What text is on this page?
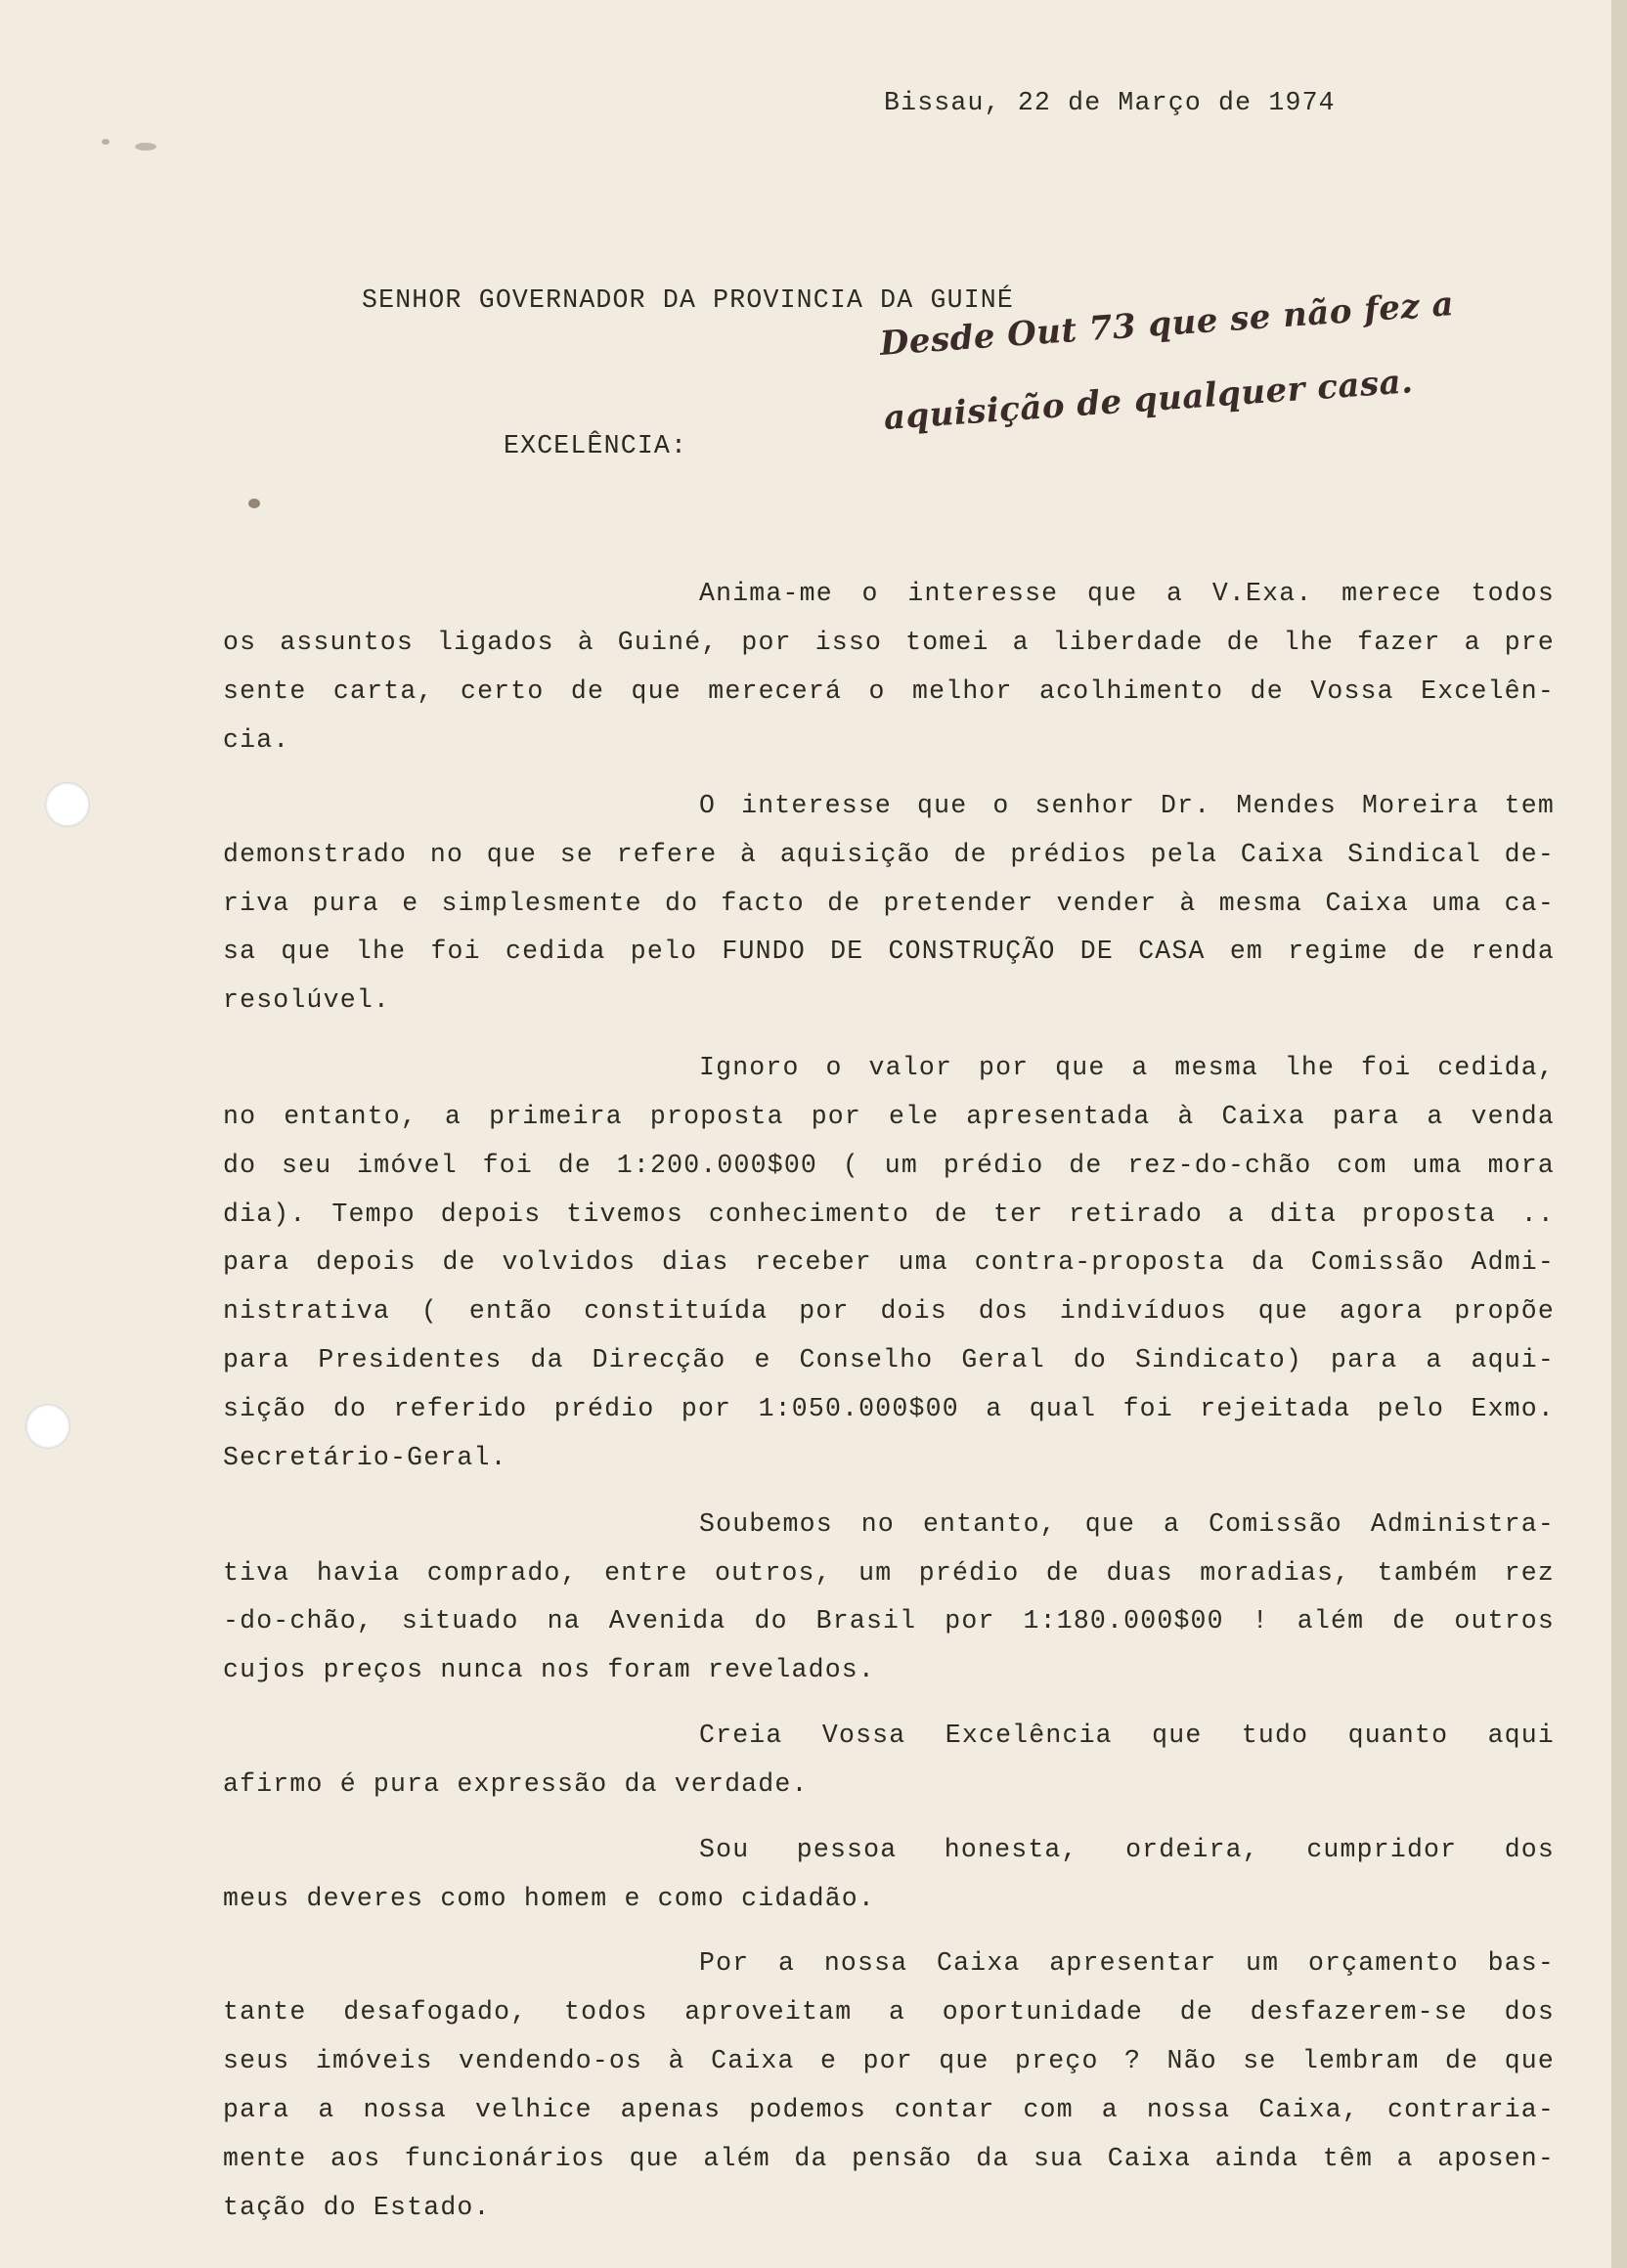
Bissau, 22 de Março de 1974
SENHOR GOVERNADOR DA PROVINCIA DA GUINÉ
Desde Out 73 que se não fez a
aquisição de qualquer casa.
EXCELÊNCIA:
Anima-me o interesse que a V.Exa. merece todos
os assuntos ligados à Guiné, por isso tomei a liberdade de lhe fazer a pre
sente carta, certo de que merecerá o melhor acolhimento de Vossa Excelên-
cia.
O interesse que o senhor Dr. Mendes Moreira tem
demonstrado no que se refere à aquisição de prédios pela Caixa Sindical de-
riva pura e simplesmente do facto de pretender vender à mesma Caixa uma ca-
sa que lhe foi cedida pelo FUNDO DE CONSTRUÇÃO DE CASA em regime de renda
resolúvel.
Ignoro o valor por que a mesma lhe foi cedida,
no entanto, a primeira proposta por ele apresentada à Caixa para a venda
do seu imóvel foi de 1:200.000$00 ( um prédio de rez-do-chão com uma mora
dia). Tempo depois tivemos conhecimento de ter retirado a dita proposta ..
para depois de volvidos dias receber uma contra-proposta da Comissão Admi-
nistrativa ( então constituída por dois dos indivíduos que agora propõe
para Presidentes da Direcção e Conselho Geral do Sindicato) para a aqui-
sição do referido prédio por 1:050.000$00 a qual foi rejeitada pelo Exmo.
Secretário-Geral.
Soubemos no entanto, que a Comissão Administra-
tiva havia comprado, entre outros, um prédio de duas moradias, também rez
-do-chão, situado na Avenida do Brasil por 1:180.000$00 ! além de outros
cujos preços nunca nos foram revelados.
Creia Vossa Excelência que tudo quanto aqui
afirmo é pura expressão da verdade.
Sou pessoa honesta, ordeira, cumpridor dos
meus deveres como homem e como cidadão.
Por a nossa Caixa apresentar um orçamento bas-
tante desafogado, todos aproveitam a oportunidade de desfazerem-se dos
seus imóveis vendendo-os à Caixa e por que preço ? Não se lembram de que
para a nossa velhice apenas podemos contar com a nossa Caixa, contraria-
mente aos funcionários que além da pensão da sua Caixa ainda têm a aposen-
tação do Estado.
